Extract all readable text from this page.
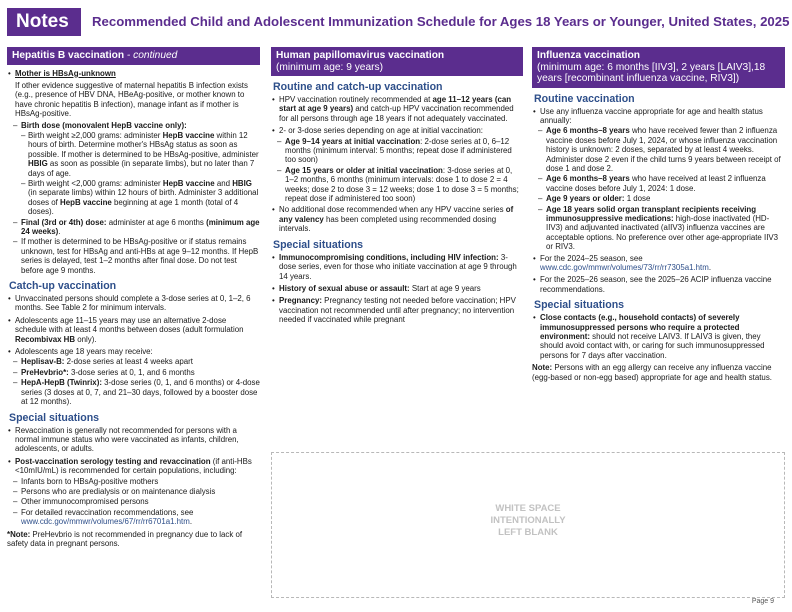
Notes	Recommended Child and Adolescent Immunization Schedule for Ages 18 Years or Younger, United States, 2025
Hepatitis B vaccination - continued
• Mother is HBsAg-unknown
If other evidence suggestive of maternal hepatitis B infection exists (e.g., presence of HBV DNA, HBeAg-positive, or mother known to have chronic hepatitis B infection), manage infant as if mother is HBsAg-positive.
– Birth dose (monovalent HepB vaccine only):
– Birth weight ≥2,000 grams: administer HepB vaccine within 12 hours of birth. Determine mother's HBsAg status as soon as possible. If mother is determined to be HBsAg-positive, administer HBIG as soon as possible (in separate limbs), but no later than 7 days of age.
– Birth weight <2,000 grams: administer HepB vaccine and HBIG (in separate limbs) within 12 hours of birth. Administer 3 additional doses of HepB vaccine beginning at age 1 month (total of 4 doses).
– Final (3rd or 4th) dose: administer at age 6 months (minimum age 24 weeks).
– If mother is determined to be HBsAg-positive or if status remains unknown, test for HBsAg and anti-HBs at age 9–12 months. If HepB series is delayed, test 1–2 months after final dose. Do not test before age 9 months.
Catch-up vaccination
• Unvaccinated persons should complete a 3-dose series at 0, 1–2, 6 months. See Table 2 for minimum intervals.
• Adolescents age 11–15 years may use an alternative 2-dose schedule with at least 4 months between doses (adult formulation Recombivax HB only).
• Adolescents age 18 years may receive:
– Heplisav-B: 2-dose series at least 4 weeks apart
– PreHevbrio*: 3-dose series at 0, 1, and 6 months
– HepA-HepB (Twinrix): 3-dose series (0, 1, and 6 months) or 4-dose series (3 doses at 0, 7, and 21–30 days, followed by a booster dose at 12 months).
Special situations
• Revaccination is generally not recommended for persons with a normal immune status who were vaccinated as infants, children, adolescents, or adults.
• Post-vaccination serology testing and revaccination (if anti-HBs <10mIU/mL) is recommended for certain populations, including:
– Infants born to HBsAg-positive mothers
– Persons who are predialysis or on maintenance dialysis
– Other immunocompromised persons
– For detailed revaccination recommendations, see www.cdc.gov/mmwr/volumes/67/rr/rr6701a1.htm.
*Note: PreHevbrio is not recommended in pregnancy due to lack of safety data in pregnant persons.
Human papillomavirus vaccination
(minimum age: 9 years)
Routine and catch-up vaccination
• HPV vaccination routinely recommended at age 11–12 years (can start at age 9 years) and catch-up HPV vaccination recommended for all persons through age 18 years if not adequately vaccinated.
• 2- or 3-dose series depending on age at initial vaccination:
– Age 9–14 years at initial vaccination: 2-dose series at 0, 6–12 months (minimum interval: 5 months; repeat dose if administered too soon)
– Age 15 years or older at initial vaccination: 3-dose series at 0, 1–2 months, 6 months (minimum intervals: dose 1 to dose 2 = 4 weeks; dose 2 to dose 3 = 12 weeks; dose 1 to dose 3 = 5 months; repeat dose if administered too soon)
• No additional dose recommended when any HPV vaccine series of any valency has been completed using recommended dosing intervals.
Special situations
• Immunocompromising conditions, including HIV infection: 3-dose series, even for those who initiate vaccination at age 9 through 14 years.
• History of sexual abuse or assault: Start at age 9 years
• Pregnancy: Pregnancy testing not needed before vaccination; HPV vaccination not recommended until after pregnancy; no intervention needed if vaccinated while pregnant
Influenza vaccination
(minimum age: 6 months [IIV3], 2 years [LAIV3],18 years [recombinant influenza vaccine, RIV3])
Routine vaccination
• Use any influenza vaccine appropriate for age and health status annually:
– Age 6 months–8 years who have received fewer than 2 influenza vaccine doses before July 1, 2024, or whose influenza vaccination history is unknown: 2 doses, separated by at least 4 weeks. Administer dose 2 even if the child turns 9 years between receipt of dose 1 and dose 2.
– Age 6 months–8 years who have received at least 2 influenza vaccine doses before July 1, 2024: 1 dose.
– Age 9 years or older: 1 dose
– Age 18 years solid organ transplant recipients receiving immunosuppressive medications: high-dose inactivated (HD-IIV3) and adjuvanted inactivated (aIIV3) influenza vaccines are acceptable options. No preference over other age-appropriate IIV3 or RIV3.
• For the 2024–25 season, see www.cdc.gov/mmwr/volumes/73/rr/rr7305a1.htm.
• For the 2025–26 season, see the 2025–26 ACIP influenza vaccine recommendations.
Special situations
• Close contacts (e.g., household contacts) of severely immunosuppressed persons who require a protected environment: should not receive LAIV3. If LAIV3 is given, they should avoid contact with, or caring for such immunosuppressed persons for 7 days after vaccination.
Note: Persons with an egg allergy can receive any influenza vaccine (egg-based or non-egg based) appropriate for age and health status.
WHITE SPACE
INTENTIONALLY
LEFT BLANK
Page 9
